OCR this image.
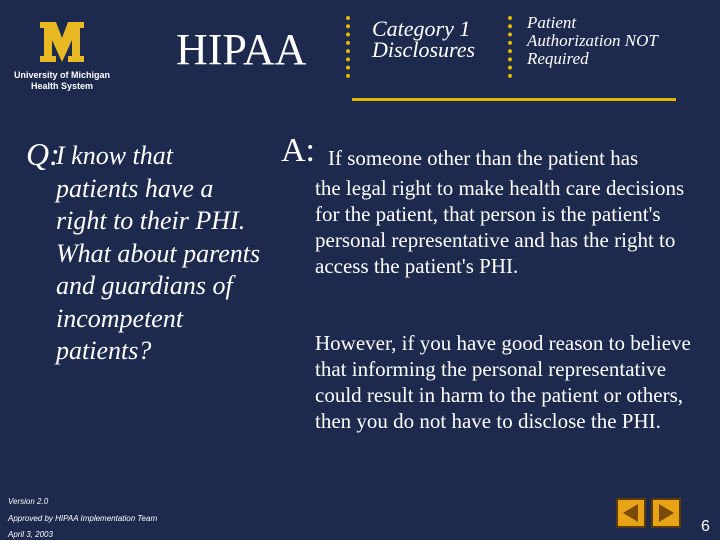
University of Michigan
Health System
HIPAA	Category 1
Disclosures
Patient
Authorization NOT
Required
Q:
I know that
patients have a right to their PHI. What about parents and guardians of incompetent patients?
A: If someone other than the patient has
the legal right to make health care decisions for the patient, that person is the patient's personal representative and has the right to access the patient's PHI.
However, if you have good reason to believe that informing the personal representative could result in harm to the patient or others, then you do not have to disclose the PHI.
Version 2.0
Approved by HIPAA Implementation Team
April 3, 2003	6
